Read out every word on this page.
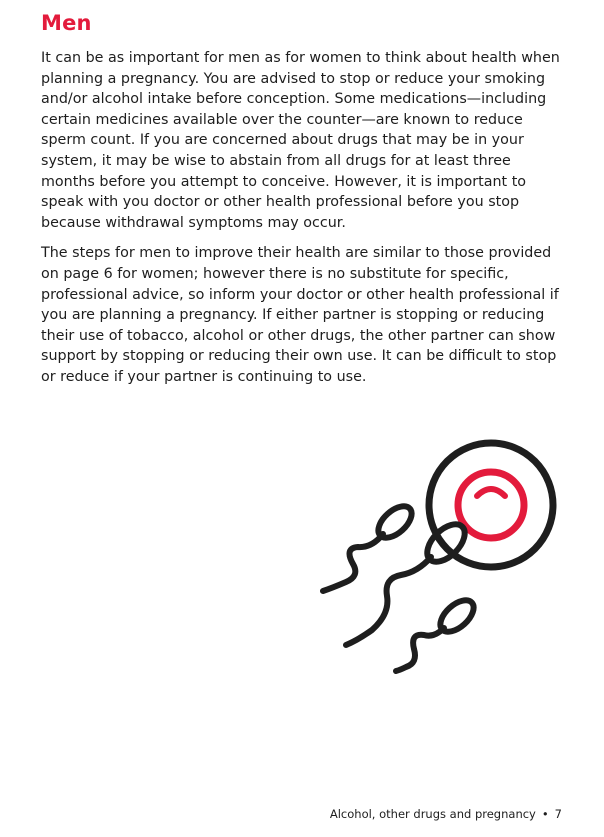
Men

It can be as important for men as for women to think about health when planning a pregnancy. You are advised to stop or reduce your smoking and/or alcohol intake before conception. Some medications—including certain medicines available over the counter—are known to reduce sperm count. If you are concerned about drugs that may be in your system, it may be wise to abstain from all drugs for at least three months before you attempt to conceive. However, it is important to speak with you doctor or other health professional before you stop because withdrawal symptoms may occur.

The steps for men to improve their health are similar to those provided on page 6 for women; however there is no substitute for specific, professional advice, so inform your doctor or other health professional if you are planning a pregnancy. If either partner is stopping or reducing their use of tobacco, alcohol or other drugs, the other partner can show support by stopping or reducing their own use. It can be difficult to stop or reduce if your partner is continuing to use.

Alcohol, other drugs and pregnancy • 7
